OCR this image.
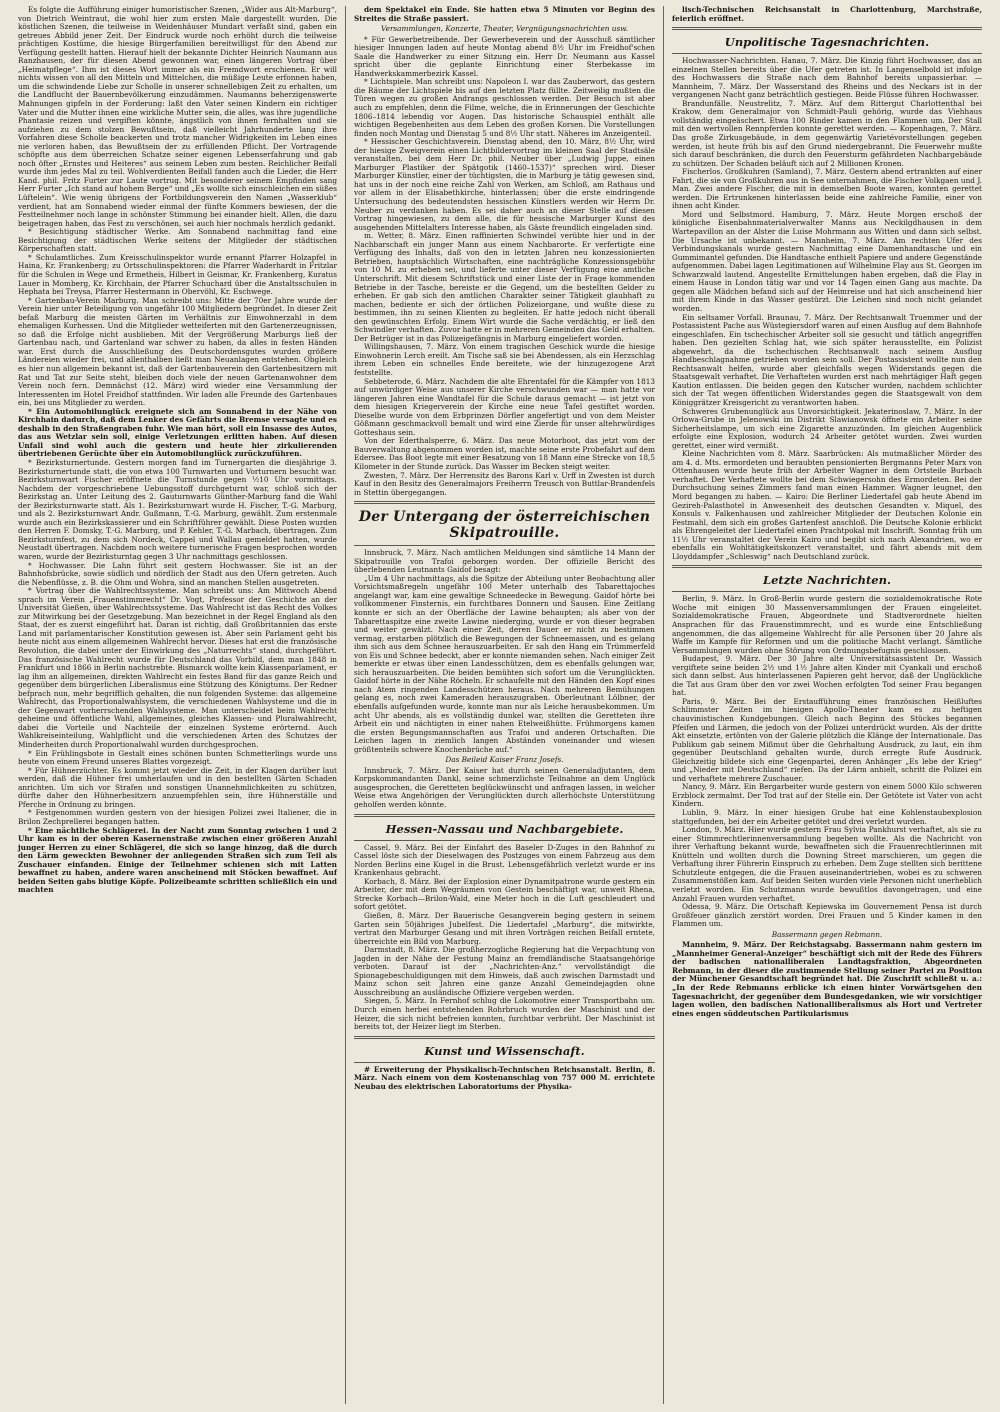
Es folgte die Aufführung einiger humoristischer Szenen, „Wider aus Alt-Marburg“, von Dietrich Weintraut, die wohl hier zum ersten Male dargestellt wurden. Die köstlichen Szenen, die teilweise in Weidenhäuser Mundart verfaßt sind, gaben ein getreues Abbild jener Zeit. Der Eindruck wurde noch erhöht durch die teilweise prächtigen Kostüme, die hiesige Bürgerfamilien bereitwilligst für den Abend zur Verfügung gestellt hatten. Hierauf hielt der bekannte Dichter Heinrich Naumann aus Ranzhausen, der für diesen Abend gewonnen war, einen längeren Vortrag über „Heimatpflege“. Ihm ist dieses Wort immer als ein Fremdwort erschienen. Er will nichts wissen von all den Mitteln und Mittelchen, die müßige Leute erfonnen haben, um die schwindende Liebe zur Scholle in unserer schnellebigen Zeit zu erhalten, um die Landflucht der Bauernbevölkerung einzudämmen. Naumanns beherzigenswerte Mahnungen gipfeln in der Forderung: laßt den Vater seinen Kindern ein richtiger Vater und die Mutter ihnen eine wirkliche Mutter sein, die alles, was ihre jugendliche Phantasie reizen und vergiften könnte, ängstlich von ihnen fernhalten und sie aufziehen zu dem stolzen Bewußtsein, daß vielleicht Jahrhunderte lang ihre Vorfahren diese Scholle beackerten und trotz mancher Widrigkeiten im Leben eines nie verloren haben, das Bewußtsein der zu erfüllenden Pflicht. Der Vortragende schöpfte aus dem überreichen Schatze seiner eigenen Lebenserfahrung und gab noch öfter „Ernstes und Heiteres“ aus seinem Leben zum besten. Reichlicher Beifall wurde ihm jedes Mal zu teil. Wohlverdienten Beifall fanden auch die Lieder, die Herr Kand. phil. Fritz Furter zur Laute vortrug. Mit besonderer seinem Empfinden sang Herr Furter „Ich stand auf hohem Berge“ und „Es wollte sich einschleichen ein süßes Lüftelein“. Wie wenig übrigens der Fortbildungsverein den Namen „Wasserklub“ verdient, hat am Sonnabend wieder einmal der fünfte Kommers bewiesen, der die Festteilnehmer noch lange in schönster Stimmung bei einander hielt. Allen, die dazu beigetragen haben, das Fest zu verschönen, sei auch hier nochmals herzlich gedankt.

* Besichtigung städtischer Werke. Am Sonnabend nachmittag fand eine Besichtigung der städtischen Werke seitens der Mitglieder der städtischen Körperschaften statt.

* Schulamtliches. Zum Kreisschulinspektor wurde ernannt Pfarrer Holzapfel in Haina, Kr. Frankenberg; zu Ortsschulinspektoren: die Pfarrer Waderhardt in Fritzlar für die Schulen in Wege und Ermetheis, Hilbert in Geismar, Kr. Frankenberg, Kuratus Lauer in Momberg, Kr. Kirchhain, der Pfarrer Schuchard über die Anstaltsschulen in Hephata bei Treysa, Pfarrer Hestermann in Obervöhl, Kr. Eschwege.

* Gartenbau-Verein Marburg. Man schreibt uns: Mitte der 70er Jahre wurde der Verein hier unter Beteiligung von ungefähr 100 Mitgliedern begründet. In dieser Zeit befaß Marburg die meisten Gärten im Verhältnis zur Einwohnerzahl in dem ehemaligen Kurhessen. Und die Mitglieder wetteiferten mit den Gartenerzeugnissen, so daß die Erfolge nicht ausblieben. Mit der Vergrößerung Marburgs ließ der Gartenbau nach, und Gartenland war schwer zu haben, da alles in festen Händen war. Erst durch die Ausschließung des Deutschordensgutes wurden größere Ländereien wieder frei, und allenthalben ließt man Neuanlagen entstehen. Obgleich es hier nun allgemein bekannt ist, daß der Gartenbauverein den Gartenbesitzern mit Rat und Tat zur Seite steht, bleiben doch viele der neuen Gartenanwohner dem Verein noch fern. Demnächst (12. März) wird wieder eine Versammlung der Interessenten im Hotel Freidhof stattfinden. Wir laden alle Freunde des Gartenbaues ein, bei uns Mitglieder zu werden.

* Ein Automobilunglück ereignete sich am Sonnabend in der Nähe von Kirchhain dadurch, daß dem Lenker des Gefährts die Bremse versagte und es deshalb in den Straßengraben fuhr. Wie man hört, soll ein Insasse des Autos, das aus Wetzlar sein soll, einige Verletzungen erlitten haben. Auf diesen Unfall sind wohl auch die gestern und heute hier zirkulierenden übertriebenen Gerüchte über ein Automobilunglück zurückzuführen.

* Bezirksturnertunde. Gestern morgen fand im Turnergarten die diesjährige 3. Bezirksturnertunde statt, die von etwa 100 Turnwarten und Vorturnern besucht war. Bezirksturnwart Fischer eröffnete die Turnstunde gegen ½10 Uhr vormittags. Nachdem der vorgeschriebene Uebungsstoff durchgeturnt war, schloß sich der Bezirkstag an. Unter Leitung des 2. Gauturnwarts Günther-Marburg fand die Wahl der Bezirksturnwarte statt. Als 1. Bezirksturnwart wurde H. Fischer, T.-G. Marburg, und als 2. Bezirksturnwart Andr. Gußmann, T.-G. Marburg, gewählt. Zum erstenmale wurde auch ein Bezirkskassierer und ein Schriftführer gewählt. Diese Posten wurden den Herren F. Domsky, T.-G. Marburg, und P. Kehler, T.-G. Marbach, übertragen. Zum Bezirksturnfest, zu dem sich Nordeck, Cappel und Wallau gemeldet hatten, wurde Neustadt übertragen. Nachdem noch weitere turnerische Fragen besprochen worden waren, wurde der Bezirksturntag gegen 3 Uhr nachmittags geschlossen.

* Hochwasser. Die Lahn führt seit gestern Hochwasser. Sie ist an der Bahnhofsbrücke, sowie südlich und nördlich der Stadt aus den Ufern getreten. Auch die Nebenflüsse, z. B. die Ohm und Wohra, sind an manchen Stellen ausgetreten.

* Vortrag über die Wahlrechtssysteme. Man schreibt uns: Am Mittwoch Abend sprach im Verein „Frauenstimmrecht“ Dr. Vogt, Professor der Geschichte an der Universität Gießen, über Wahlrechtssysteme. Das Wahlrecht ist das Recht des Volkes zur Mitwirkung bei der Gesetzgebung. Man bezeichnet in der Regel England als den Staat, der es zuerst eingeführt hat. Daran ist richtig, daß Großbritannien das erste Land mit parlamentarischer Konstitution gewesen ist. Aber sein Parlament geht bis heute nicht aus einem allgemeinen Wahlrecht hervor. Dieses hat erst die französische Revolution, die dabei unter der Einwirkung des „Naturrechts“ stand, durchgeführt. Das französische Wahlrecht wurde für Deutschland das Vorbild, dem man 1848 in Frankfurt und 1866 in Berlin nachstrebte. Bismarck wollte kein Klassenparlament, er lag ihm an allgemeinen, direkten Wahlrecht ein festes Band für das ganze Reich und gegenüber dem bürgerlichen Liberalismus eine Stützung des Königtums. Der Redner befprach nun, mehr begrifflich gehalten, die nun folgenden Systeme: das allgemeine Wahlrecht, das Proportionalwahlsystem, die verschiedenen Wahlsysteme und die in der Gegenwart vorherrschenden Wahlsysteme. Man unterscheidet beim Wahlrecht geheime und öffentliche Wahl, allgemeines, gleiches Klassen- und Pluralwahlrecht, dabei die Vorteile und Nachteile der einzelnen Systeme erörternd. Auch Wahlkreiseinteilung, Wahlpflicht und die verschiedenen Arten des Schutzes der Minderheiten durch Proportionalwahl wurden durchgesprochen.

* Ein Frühlingsbote in Gestalt eines schönen bunten Schmetterlings wurde uns heute von einem Freund unseres Blattes vorgezeigt.

* Für Hühnerzüchter. Es kommt jetzt wieder die Zeit, in der Klagen darüber laut werden, daß die Hühner frei umherlaufen und in den bestellten Gärten Schaden anrichten. Um sich vor Strafen und sonstigen Unannehmlichkeiten zu schützen, dürfte daher den Hühnerbesitzern anzuempfehlen sein, ihre Hühnerställe und Pferche in Ordnung zu bringen.

* Festgenommen wurden gestern von der hiesigen Polizei zwei Italiener, die in Brilon Zechprellerei begangen hatten.

* Eine nächtliche Schlägerei. In der Nacht zum Sonntag zwischen 1 und 2 Uhr kam es in der oberen Kasernenstraße zwischen einer größeren Anzahl junger Herren zu einer Schlägerei, die sich so lange hinzog, daß die durch den Lärm geweckten Bewohner der anliegenden Straßen sich zum Teil als Zuschauer einfanden. Einige der Teilnehmer schienen sich mit Latten bewaffnet zu haben, andere waren anscheinend mit Stöcken bewaffnet. Auf beiden Seiten gabs blutige Köpfe. Polizeibeamte schritten schließlich ein und machten

dem Spektakel ein Ende. Sie hatten etwa 5 Minuten vor Beginn des Streites die Straße passiert.

Versammlungen, Konzerte, Theater, Vergnügungsnachrichten usw.

* Für Gewerbetreibende. Der Gewerbeverein und der Ausschuß sämtlicher hiesiger Innungen laden auf heute Montag abend 8½ Uhr im Freidhof'schen Saale die Handwerker zu einer Sitzung ein. Herr Dr. Neumann aus Kassel spricht über die geplante Einrichtung einer Sterbekasse im Handwerkskammerbezirk Kassel.

* Lichtspiele. Man schreibt uns: Napoleon I. war das Zauberwort, das gestern die Räume der Lichtspiele bis auf den letzten Platz füllte. Zeitweilig mußten die Türen wegen zu großen Andrangs geschlossen werden. Der Besuch ist aber auch zu empfehlen, denn die Filme, welche, die in Erinnerungen der Geschichte 1806–1814 lebendig vor Augen. Das historische Schauspiel enthält alle wichtigen Begebenheiten aus dem Leben des großen Korsen. Die Vorstellungen finden noch Montag und Dienstag 5 und 8½ Uhr statt. Näheres im Anzeigenteil.

* Hessischer Geschichtsverein. Dienstag abend, den 10. März, 8½ Uhr, wird der hiesige Zweigverein einen Lichtbildervortrag im kleinen Saal der Stadtsäle veranstalten, bei dem Herr Dr. phil. Neuber über „Ludwig Juppe, einen Marburger Plastiker der Spätgotik (1460–1537)“ sprechen wird. Dieser Marburger Künstler, einer der tüchtigsten, die in Marburg je tätig gewesen sind, hat uns in der noch eine reiche Zahl von Werken, am Schloß, am Rathaus und vor allem in der Elisabethkirche, hinterlassen; über die erste eindringende Untersuchung des bedeutendsten hessischen Künstlers werden wir Herrn Dr. Neuber zu verdanken haben. Es sei daher auch an dieser Stelle auf diesen Vortrag hingewiesen, zu dem alle, die für hessische Marburger Kunst des ausgehenden Mittelalters Interesse haben, als Gäste freundlich eingeladen sind.

m. Wetter, 8. März. Einen raffinierten Schwindel verübte hier und in der Nachbarschaft ein junger Mann aus einem Nachbarorte. Er verfertigte eine Verfügung des Inhalts, daß von den in letzten Jahren neu konzessionierten Betrieben, hauptsächlich Wirtschaften, eine nachträgliche Konzessionsgebühr von 10 M. zu erheben sei, und lieferte unter dieser Verfügung eine amtliche Unterschrift. Mit diesem Schriftstück und einer Liste der in Frage kommenden Betriebe in der Tasche, bereiste er die Gegend, um die bestellten Gelder zu erheben. Er gab sich den amtlichen Charakter seiner Tätigkeit glaubhaft zu machen, bediente er sich der örtlichen Polizeiorgane, und wußte diese zu bestimmen, ihn zu seinen Klienten zu begleiten. Er hatte jedoch nicht überall den gewünschten Erfolg. Einem Wirt wurde die Sache verdächtig, er ließ den Schwindler verhaften. Zuvor hatte er in mehreren Gemeinden das Geld erhalten. Der Betrüger ist in das Polizeigefängnis in Marburg eingeliefert worden.

Willingshausen, 7. März. Von einem tragischen Geschick wurde die hiesige Einwohnerin Lerch ereilt. Am Tische saß sie bei Abendessen, als ein Herzschlag ihrem Leben ein schnelles Ende bereitete, wie der hinzugezogene Arzt feststellte.

Sebbeterode, 6. März. Nachdem die alte Ehrentafel für die Kämpfer von 1813 auf unwürdiger Weise aus unserer Kirche verschwunden war — man hatte vor längeren Jahren eine Wandtafel für die Schule daraus gemacht — ist jetzt von dem hiesigen Kriegerverein der Kirche eine neue Tafel gestiftet worden. Dieselbe wurde von dem Erbprinzen Dörfler angefertigt und von dem Meister Gößmann geschmackvoll bemalt und wird eine Zierde für unser altehrwürdiges Gotteshaus sein.

Von der Ederthalsperre, 6. März. Das neue Motorboot, das jetzt vom der Bauverwaltung abgenommen worden ist, machte seine erste Probefahrt auf dem Edersee. Das Boot legte mit einer Besatzung von 18 Mann eine Strecke von 18,5 Kilometer in der Stunde zurück. Das Wasser im Becken steigt weiter.

Zwesten, 7. März. Der Herrensitz des Barons Karl v. Urff in Zwesten ist durch Kauf in den Besitz des Generalmajors Freiherrn Treusch von Buttlar-Brandenfels in Stettin übergegangen.

Der Untergang der österreichischen Skipatrouille.

Innsbruck, 7. März. Nach amtlichen Meldungen sind sämtliche 14 Mann der Skipatrouille von Trafoi geborgen worden. Der offizielle Bericht des überlebenden Leutnants Gaidof besagt:

„Um 4 Uhr nachmittags, als die Spitze der Abteilung unter Beobachtung aller Vorsichtsmaßregeln ungefähr 100 Meter unterhalb des Tabarettajoches angelangt war, kam eine gewaltige Schneedecke in Bewegung. Gaidof hörte bei vollkommener Finsternis, ein furchtbares Donnern und Sausen. Eine Zeitlang konnte er sich an der Oberfläche der Lawine behaupten; als aber von der Tabarettaspitze eine zweite Lawine niederging, wurde er von dieser begraben und weiter gewälzt. Nach einer Zeit, deren Dauer er nicht zu bestimmen vermag, erstarben plötzlich die Bewegungen der Schneemassen, und es gelang ihm sich aus dem Schnee herauszuarbeiten. Er sah den Hang ein Trümmerfeld von Eis und Schnee bedeckt, aber er konnte niemanden sehen. Nach einiger Zeit bemerkte er etwas über einen Landesschützen, dem es ebenfalls gelungen war, sich herauszuarbeiten. Die beiden bemühten sich sofort um die Verunglückten. Gaidof hörte in der Nähe Röcheln. Er schaufelte mit den Händen den Kopf eines nach Atem ringenden Landesschützen heraus. Nach mehreren Bemühungen gelang es, noch zwei Kameraden herauszugraben. Oberleutnant Lölbner, der ebenfalls aufgefunden wurde, konnte man nur als Leiche herausbekommen. Um acht Uhr abends, als es vollständig dunkel war, stellten die Geretteten ihre Arbeit ein und nächtigten in einer nahen Etelweißhütte. Frühmorgens kamen die ersten Begungsmannschaften aus Trafoi und anderen Ortschaften. Die Leichen lagen in ziemlich langen Abständen voneinander und wiesen größtenteils schwere Knochenbrüche auf.“

Das Beileid Kaiser Franz Josefs.

Innsbruck, 7. März. Der Kaiser hat durch seinen Generaladjutanten, dem Korpskommandanten Dankl, seine schmerzlichste Teilnahme an dem Unglück ausgesprochen, die Geretteten beglückwünscht und anfragen lassen, in welcher Weise etwa Angehörigen der Verunglückten durch allerhöchste Unterstützung geholfen werden könnte.

Hessen-Nassau und Nachbargebiete.

Cassel, 9. März. Bei der Einfahrt des Baseler D-Zuges in den Bahnhof zu Cassel löste sich der Dieselwagen des Postzuges von einem Fahrzeug aus dem Norden Berlins eine Kugel in die Brust. Lebensgefährlich verletzt wurde er ins Krankenhaus gebracht.

Korbach, 8. März. Bei der Explosion einer Dynamitpatrone wurde gestern ein Arbeiter, der mit dem Wegräumen von Gestein beschäftigt war, unweit Rhena, Strecke Korbach—Brilon-Wald, eine Meter hoch in die Luft geschleudert und sofort getötet.

Gießen, 8. März. Der Bauerische Gesangverein beging gestern in seinem Garten sein 50jähriges Jubelfest. Die Liedertafel „Marburg“, die mitwirkte, vertrat den Marburger Gesang und mit ihren Vorträgen reichen Beifall erntete, überreichte ein Bild von Marburg.

Darmstadt, 8. März. Die großherzogliche Regierung hat die Verpachtung von Jagden in der Nähe der Festung Mainz an fremdländische Staatsangehörige verboten. Darauf ist der „Nachrichten-Anz.“ vervollständigt die Spionagebeschuldigungen mit dem Hinweis, daß auch zwischen Darmstadt und Mainz schon seit Jahren eine ganze Anzahl Gemeindejagden ohne Ausschreibung an ausländische Offiziere vergeben werden.

Siegen, 5. März. In Fernhof schlug die Lokomotive einer Transportbahn um. Durch einen herbei entstehenden Rohrbruch wurden der Maschinist und der Heizer, die sich nicht befreien konnten, furchtbar verbrüht. Der Maschinist ist bereits tot, der Heizer liegt im Sterben.

Kunst und Wissenschaft.

# Erweiterung der Physikalisch-Technischen Reichsanstalt. Berlin, 8. März. Nach einem von dem Kostenanschlag von 757 000 M. errichtete Neubau des elektrischen Laboratoriums der Physika-

lisch-Technischen Reichsanstalt in Charlottenburg, Marchstraße, feierlich eröffnet.

Unpolitische Tagesnachrichten.

Hochwasser-Nachrichten. Hanau, 7. März. Die Kinzig führt Hochwasser, das an einzelnen Stellen bereits über die Ufer getreten ist. In Langenselbold ist infolge des Hochwassers die Straße nach dem Bahnhof bereits unpassierbar. — Mannheim, 7. März. Der Wasserstand des Rheins und des Neckars ist in der vergangenen Nacht ganz beträchtlich gestiegen. Beide Flüsse führen Hochwasser.

Brandunfälle. Neustrelitz, 7. März. Auf dem Rittergut Charlottenthal bei Krakow, dem Generalmajor von Schmidt-Pauli gehörig, wurde das Viehhaus vollständig eingeäschert. Etwa 100 Rinder kamen in den Flammen um. Der Stall mit den wertvollen Rennpferden konnte gerettet werden. — Kopenhagen, 7. März. Das große Zirkusgebäude, in dem gegenwärtig Varietévorstellungen gegeben werden, ist heute früh bis auf den Grund niedergebrannt. Die Feuerwehr mußte sich darauf beschränken, die durch den Feuersturm gefährdeten Nachbargebäude zu schützen. Der Schaden beläuft sich auf 2 Millionen Kronen.

Fischerlos. Großkuhren (Samland), 7. März. Gestern abend ertrankten auf einer Fahrt, die sie von Großkuhren aus in See unternahmen, die Fischer Volkgaen und J. Man. Zwei andere Fischer, die mit in demselben Boote waren, konnten gerettet werden. Die Ertrunkenen hinterlassen beide eine zahlreiche Familie, einer von ihnen acht Kinder.

Mord und Selbstmord. Hamburg, 7. März. Heute Morgen erschoß der königliche Eisenbahnmaterialverwalter Manns aus Neckilgdhausen in dem Wartepavillon an der Alster die Luise Mohrmann aus Witten und dann sich selbst. Die Ursache ist unbekannt. — Mannheim, 7. März. Am rechten Ufer des Verbindungskanals wurde gestern Nachmittag eine Damenhandtasche und ein Gummimantel gefunden. Die Handtasche enthielt Papiere und andere Gegenstände aufgenommen. Dabei lagen Legitimationen auf Wilhelmine Flay aus St. Georgen im Schwarzwald lautend. Angestellte Ermittelungen haben ergeben, daß die Flay in einem Hause in London tätig war und vor 14 Tagen einen Gang aus machte. Da gegen alle Mädchen befand sich auf der Heimreise und hat sich anscheinend hier mit ihrem Kinde in das Wasser gestürzt. Die Leichen sind noch nicht gelandet worden.

Ein seltsamer Vorfall. Braunau, 7. März. Der Rechtsanwalt Truemmer und der Postassistent Pache aus Wüstegiersdorf waren auf einen Ausflug auf dem Bahnhofe eingeschlafen. Ein tschechischer Arbeiter soll sie gesucht und tätlich angegriffen haben. Den gezielten Schlag hat, wie sich später herausstellte, ein Polizist abgewehrt, da die tschechischen Rechtsanwalt nach seinem Ausflug Handbeschlagnahme getrieben worden sein soll. Der Postassistent wollte nun den Rechtsanwalt helfen, wurde aber gleichfalls wegen Widerstands gegen die Staatsgewalt verhaftet. Die Verhafteten wurden erst nach mehrtägiger Haft gegen Kaution entlassen. Die beiden gegen den Kutscher wurden, nachdem schlichter sich der Tat wegen öffentlichen Widerstandes gegen die Staatsgewalt von dem Königgrätzer Kreisgericht zu verantworten haben.

Schweres Grubenunglück aus Unvorsichtigkeit. Jekaterinoslaw, 7. März. In der Orlowa-Grube in Jelenowski im Distrikt Slawianowsk öffnete ein Arbeiter seine Sicherheitslampe, um sich eine Zigarette anzuzünden. Im gleichen Augenblick erfolgte eine Explosion, wodurch 24 Arbeiter getötet wurden. Zwei wurden gerettet, einer wird vermißt.

Kleine Nachrichten vom 8. März. Saarbrücken: Als mutmaßlicher Mörder des am 4. d. Mts. ermordeten und beraubten pensionierten Bergmanns Peter Marx von Ottenhausen wurde heute früh der Arbeiter Wagner in dem Ortsteile Burbach verhaftet. Der Verhaftete wollte bei dem Schwiegersohn des Ermordeten. Bei der Durchsuchung seines Zimmers fand man einen Hammer. Wagner leugnet, den Mord begangen zu haben. — Kairo: Die Berliner Liedertafel gab heute Abend im Gezireh-Palasthotel in Anwesenheit des deutschen Gesandten v. Miquel, des Konsuls v. Falkenhausen und zahlreicher Mitglieder der Deutschen Kolonie ein Festmahl, dem sich ein großes Gartenfest anschloß. Die Deutsche Kolonie erblickt als Ehrengeleitet der Liedertafel einen Prachtpokal mit Inschrift. Sonntag früh um 11½ Uhr veranstaltet der Verein Kairo und begibt sich nach Alexandrien, wo er ebenfalls ein Wohltätigkeitskonzert veranstaltet, und fährt abends mit dem Lloyddampfer „Schleswig“ nach Deutschland zurück.

Letzte Nachrichten.

Berlin, 9. März. In Groß-Berlin wurde gestern die sozialdemokratische Rote Woche mit einigen 30 Massenversammlungen der Frauen eingeleitet. Sozialdemokratische Frauen, Abgeordnete und Stadtverordnete hielten Ansprachen für das Frauenstimmrecht, und es wurde eine Entschließung angenommen, die das allgemeine Wahlrecht für alle Personen über 20 Jahre als Waffe im Kampfe für Reformen und um die politische Macht verlangt. Sämtliche Versammlungen wurden ohne Störung von Ordnungsbefugnis geschlossen.

Budapest, 9. März. Der 30 Jahre alte Universitätsassistent Dr. Wassich vergiftete seine beiden 2½ und 1½ Jahre alten Kinder mit Cyankali und erschoß sich dann selbst. Aus hinterlassenen Papieren geht hervor, daß der Unglückliche die Tat aus Gram über den vor zwei Wochen erfolgten Tod seiner Frau begangen hat.

Paris, 9. März. Bei der Erstaufführung eines französischen Heißluftes Schlimmster Zeiten im hiesigen Apollo-Theater kam es zu heftigen chauvinistischen Kundgebungen. Gleich nach Beginn des Stückes begannen Pfeifen und Lärmen, die jedoch von der Polizei unterdrückt wurden. Als der dritte Akt einsetzte, ertönten von der Galerie plötzlich die Klänge der Internationale. Das Publikum gab seinem Mißmut über die Gehrhaltung Ausdruck, zu laut, ein ihm gegenüber Deutschland gehalten wurde, durch erregte Rufe Ausdruck. Gleichzeitig bildete sich eine Gegenpartei, deren Anhänger „Es lebe der Krieg“ und „Nieder mit Deutschland“ riefen. Da der Lärm anhielt, schritt die Polizei ein und verhaftete mehrere Zuschauer.

Nancy, 9. März. Ein Bergarbeiter wurde gestern von einem 5000 Kilo schweren Erzblock zermalmt. Der Tod trat auf der Stelle ein. Der Getötete ist Vater von acht Kindern.

Lublin, 9. März. In einer hiesigen Grube hat eine Kohlenstaubexplosion stattgefunden, bei der ein Arbeiter getötet und drei verletzt wurden.

London, 9. März. Hier wurde gestern Frau Sylvia Pankhurst verhaftet, als sie zu einer Stimmrechtlerinnenversammlung begeben wollte. Als die Nachricht von ihrer Verhaftung bekannt wurde, bewaffneten sich die Frauenrechtlerinnen mit Knütteln und wollten durch die Downing Street marschieren, um gegen die Verhaftung ihrer Führerin Einspruch zu erheben. Dem Zuge stellten sich berittene Schutzleute entgegen, die die Frauen auseinandertrieben, wobei es zu schweren Zusammenstößen kam. Auf beiden Seiten wurden viele Personen nicht unerheblich verletzt worden. Ein Schutzmann wurde bewußtlos davongetragen, und eine Anzahl Frauen wurden verhaftet.

Odessa, 9. März. Die Ortschaft Kepiewska im Gouvernement Pensa ist durch Großfeuer gänzlich zerstört worden. Drei Frauen und 5 Kinder kamen in den Flammen um.

Bassermann gegen Rebmann.

Mannheim, 9. März. Der Reichstagsabg. Bassermann nahm gestern im „Mannheimer General-Anzeiger“ beschäftigt sich mit der Rede des Führers der badischen nationalliberalen Landtagsfraktion, Abgeordneten Rebmann, in der dieser die zustimmende Stellung seiner Partei zu Position der Münchener Gesandtschaft begründet hat. Die Zuschrift schließt u. a.: „In der Rede Rebmanns erblicke ich einen hinter Vorwärtsgehen den Tagesnachricht, der gegenüber dem Bundesgedanken, wie wir vorsichtiger lagen wollen, den badischen Nationalliberalismus als Hort und Vertreter eines engen süddeutschen Partikularismus
